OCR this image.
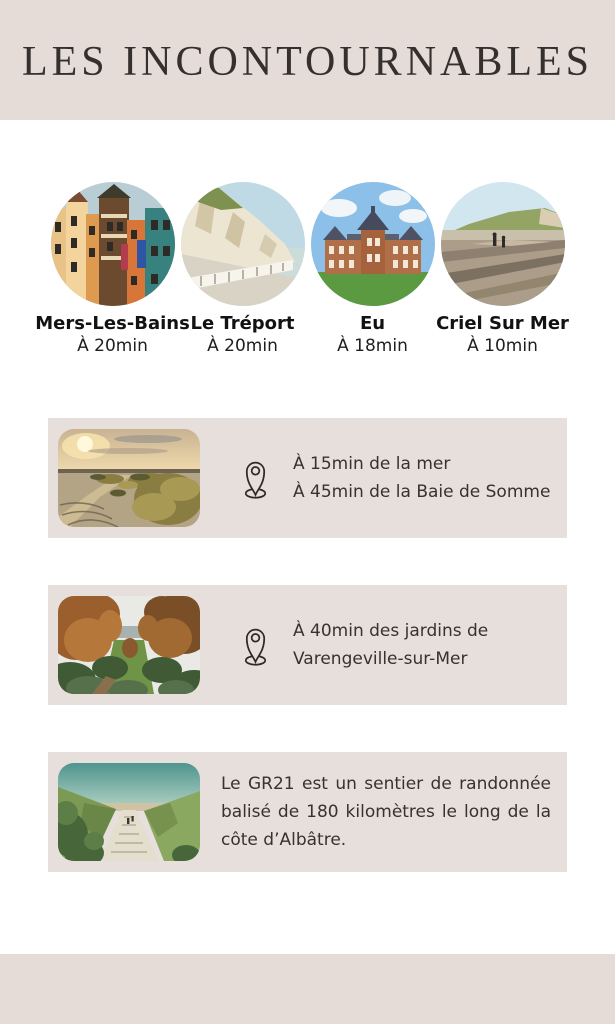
LES INCONTOURNABLES
Mers-Les-Bains
À 20min
Le Tréport
À 20min
Eu
À 18min
Criel Sur Mer
À 10min
À 15min de la mer
À 45min de la Baie de Somme
À 40min des jardins de
Varengeville-sur-Mer
Le GR21 est un sentier de randonnée balisé de 180 kilomètres le long de la côte d’Albâtre.
